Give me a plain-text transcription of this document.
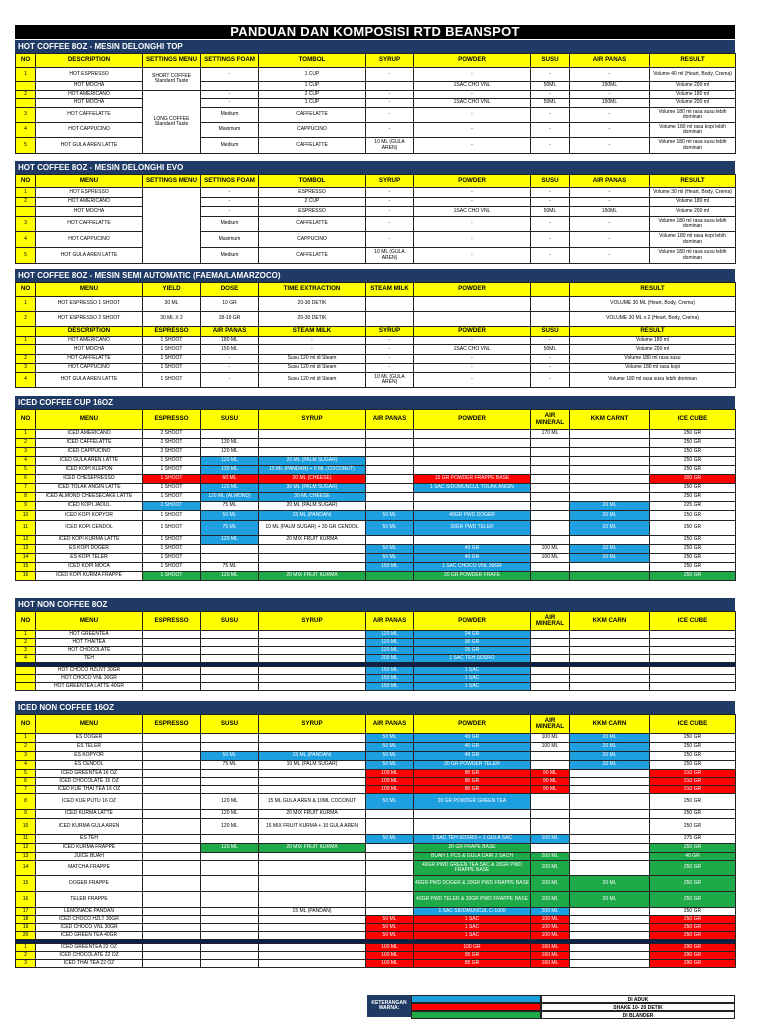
PANDUAN DAN KOMPOSISI RTD BEANSPOT
HOT COFFEE 8OZ - MESIN DELONGHI TOP
NO	DESCRIPTION	SETTINGS MENU	SETTINGS FOAM	TOMBOL	SYRUP	POWDER	SUSU	AIR PANAS	RESULT
1	HOT ESPRESSO	SHORT COFFEE Standard Taste	-	1 CUP	-	-	-	-	Volume 40 ml (Heart, Body, Crema)
	HOT MOCHA			1 CUP		1SAC CHO VNL	50ML	150ML	Volume 200 ml
2	HOT AMERICANO	LONG COFFEE Standard Taste	-	2 CUP	-	-	-	-	Volume 180 ml
	HOT MOCHA		-	1 CUP	-	1SAC CHO VNL	50ML	150ML	Volume 200 ml
3	HOT CAFFELATTE		Medium	CAFFELATTE	-	-	-	-	Volume 180 ml rasa susu lebih dominan
4	HOT CAPPUCINO		Maximum	CAPPUCINO	-	-	-	-	Volume 180 ml rasa kopi lebih dominan
5	HOT GULA AREN LATTE		Medium	CAFFELATTE	10 ML (GULA AREN)	-	-	-	Volume 180 ml rasa susu lebih dominan
HOT COFFEE 8OZ - MESIN DELONGHI EVO
NO	MENU	SETTINGS MENU	SETTINGS FOAM	TOMBOL	SYRUP	POWDER	SUSU	AIR PANAS	RESULT
1	HOT ESPRESSO		-	ESPRESSO	-	-	-	-	Volume 30 ml (Heart, Body, Crema)
2	HOT AMERICANO		-	2 CUP	-	-	-	-	Volume 180 ml
	HOT MOCHA		-	ESPRESSO	-	1SAC CHO VNL	50ML	150ML	Volume 200 ml
3	HOT CAFFELATTE		Medium	CAFFELATTE	-	-	-	-	Volume 180 ml rasa susu lebih dominan
4	HOT CAPPUCINO		Maximum	CAPPUCINO	-	-	-	-	Volume 180 ml rasa kopi lebih dominan
5	HOT GULA AREN LATTE		Medium	CAFFELATTE	10 ML (GULA AREN)	-	-	-	Volume 180 ml rasa susu lebih dominan
HOT COFFEE 8OZ - MESIN SEMI AUTOMATIC (FAEMA/LAMARZOCO)
NO	MENU	YIELD	DOSE	TIME EXTRACTION	STEAM MILK	POWDER		RESULT
1	HOT ESPRESSO 1 SHOOT	30 ML	10 GR	20-30 DETIK				VOLUME 30 ML (Heart, Body, Crema)
2	HOT ESPRESSO 2 SHOOT	30 ML X 2	18-19 GR	20-30 DETIK				VOLUME 30 ML x 2 (Heart, Body, Crema)
	DESCRIPTION	ESPRESSO	AIR PANAS	STEAM MILK	SYRUP	POWDER	SUSU	RESULT
1	HOT AMERICANO	1 SHOOT	180 ML	-	-	-	-	Volume 180 ml
	HOT MOCHA	1 SHOOT	150 ML	-	-	1SAC CHO VNL	50ML	Volume 200 ml
2	HOT CAFFELATTE	1 SHOOT	-	Susu 120 ml di Steam	-	-	-	Volume 180 ml rasa susu
3	HOT CAPPUCINO	1 SHOOT	-	Susu 120 ml di Steam	-	-	-	Volume 180 ml rasa kopi
4	HOT GULA AREN LATTE	1 SHOOT	-	Susu 120 ml di Steam	10 ML (GULA AREN)	-	-	Volume 180 ml rasa susu lebih dominan
ICED COFFEE CUP 16OZ
NO	MENU	ESPRESSO	SUSU	SYRUP	AIR PANAS	POWDER	AIR MINERAL	KKM CARNT	ICE CUBE
1	ICED AMERICANO	2 SHOOT					170 ML		250 GR
2	ICED CAFFELATTE	2 SHOOT	130 ML						250 GR
3	ICED CAPPUCINO	2 SHOOT	120 ML						250 GR
4	ICED GULA AREN LATTE	1 SHOOT	120 ML	20 ML (PALM SUGAR)					250 GR
5	ICED KOPI KLEPON	1 SHOOT	130 ML	15 ML (PANDAN) + 5 ML (COCONUT)					250 GR
6	ICED CHESEPRESSO	1 SHOOT	60 ML	20 ML (CHEESE)		15 GR POWDER FRAPPE BASE			200 GR
7	ICED TOLAK ANGIN LATTE	1 SHOOT	120 ML	30 ML (PALM SUGAR)		1 SAC SIDOMUNCUL TOLAK ANGIN			250 GR
8	ICED ALMOND CHEESECAKE LATTE	1 SHOOT	120 ML (ALMOND)	30 ML CHEESE					250 GR
9	ICED KOPI JADUL	2 SHOOT	75 ML	20 ML (PALM SUGAR)				20 ML	225 GR
10	ICED KOPI KOPYOR	1 SHOOT	50 ML	15 ML (PANDAN)	50 ML	40GR PWD DOGER		20 ML	250 GR
11	ICED KOPI CENDOL	1 SHOOT	75 ML	10 ML (PALM SUGAR) + 30 GR CENDOL	50 ML	20GR PWD TELER		20 ML	250 GR
12	ICED KOPI KURMA LATTE	1 SHOOT	120 ML	20 MIX FRUIT KURMA					250 GR
13	ES KOPI DOGER	1 SHOOT			50 ML	40 GR	100 ML	20 ML	250 GR
14	ES KOPI TELER	1 SHOOT			50 ML	40 GR	100 ML	20 ML	250 GR
15	ICED KOPI MOCA	1 SHOOT	75 ML		150 ML	1 SAC CHOCO VNL 30GR			250 GR
16	ICED KOPI KURMA FRAPPE	1 SHOOT	120 ML	20 MIX FRUIT KURMA		20 GR POWDER FRAFE			250 GR
HOT NON COFFEE 8OZ
NO	MENU	ESPRESSO	SUSU	SYRUP	AIR PANAS	POWDER	AIR MINERAL	KKM CARN	ICE CUBE
1	HOT GREENTEA				120 ML	24 GR			
2	HOT THAITEA				120 ML	30 GR			
3	HOT CHOCOLATE				120 ML	25 GR			
4	TEH				200 ML	1 SAC TEH SOSRO			

	HOT CHOCO HZLNT 30GR				150 ML	1 SAC			
	HOT CHOCO VNL 30GR				150 ML	1 SAC			
	HOT GREENTEA LATTE 40GR				150 ML	1 SAC			
ICED NON COFFEE 16OZ
NO	MENU	ESPRESSO	SUSU	SYRUP	AIR PANAS	POWDER	AIR MINERAL	KKM CARN	ICE CUBE
1	ES DOGER				50 ML	40 GR	100 ML	20 ML	250 GR
2	ES TELER				50 ML	40 GR	100 ML	20 ML	250 GR
3	ES KOPYOR		50 ML	15 ML (PANDAN)	50 ML	40 GR		20 ML	250 GR
4	ES CENDOL		75 ML	10 ML (PALM SUGAR)	50 ML	20 GR POWDER TELER		20 ML	250 GR
5	ICED GREENTEA 16 OZ				100 ML	80 GR	90 ML		210 GR
6	ICED CHOCOLATE 16 OZ				100 ML	80 GR	90 ML		210 GR
7	ICED KUE THAI TEA 16 OZ				100 ML	80 GR	90 ML		210 GR
8	ICED KUE PUTU 16 OZ		120 ML	15 ML GULA AREN & 10ML COCONUT	50 ML	20 GR POWDER GREEN TEA			250 GR
9	ICED KURMA LATTE		120 ML	20 MIX FRUIT KURMA					250 GR
10	ICED KURMA GULA AREN		120 ML	15 MIX FRUIT KURMA + 10 GULA AREN					250 GR
11	ES TEH				50 ML	1 SAC TEH SOSRO + 1 GULA SAC	100 ML		275 GR
12	ICED KURMA FRAPPE		120 ML	20 MIX FRUIT KURMA		20 GR FRAPE BASE			250 GR
13	JUICE BUAH					BUAH 1 PCS & GULA CAIR 2 SACH	200 ML		40 GR
14	MATCHA FRAPPE					40GR PWD GREEN TEA SAC & 20GR PWD FRAPPE BASE	100 ML		250 GR
15	DOGER FRAPPE					40GR PWD DOGER & 20GR PWD FRAPPE BASE	100 ML	20 ML	250 GR
16	TELER FRAPPE					40GR PWD TELER & 20GR PWD FRAPPE BASE	100 ML	20 ML	250 GR
17	LEMONADE PANDAN			15 ML (PANDAN)		1 SAC SIDOMUNCUL C-1000	200 ML		250 GR
18	ICED CHOCO HZLT 30GR				50 ML	1 SAC	100 ML		250 GR
19	ICED CHOCO VNL 30GR				50 ML	1 SAC	100 ML		250 GR
20	ICED GREEN TEA 40GR				50 ML	1 SAC	100 ML		250 GR

1	ICED GREENTEA 22 OZ				100 ML	100 GR	160 ML		290 GR
2	ICED CHOCOLATE 22 OZ				100 ML	95 GR	160 ML		290 GR
3	ICED THAI TEA 22 OZ				100 ML	85 GR	160 ML		290 GR
KETERANGAN WARNA:
DI ADUK
SHAKE 10- 20 DETIK
DI BLANDER
